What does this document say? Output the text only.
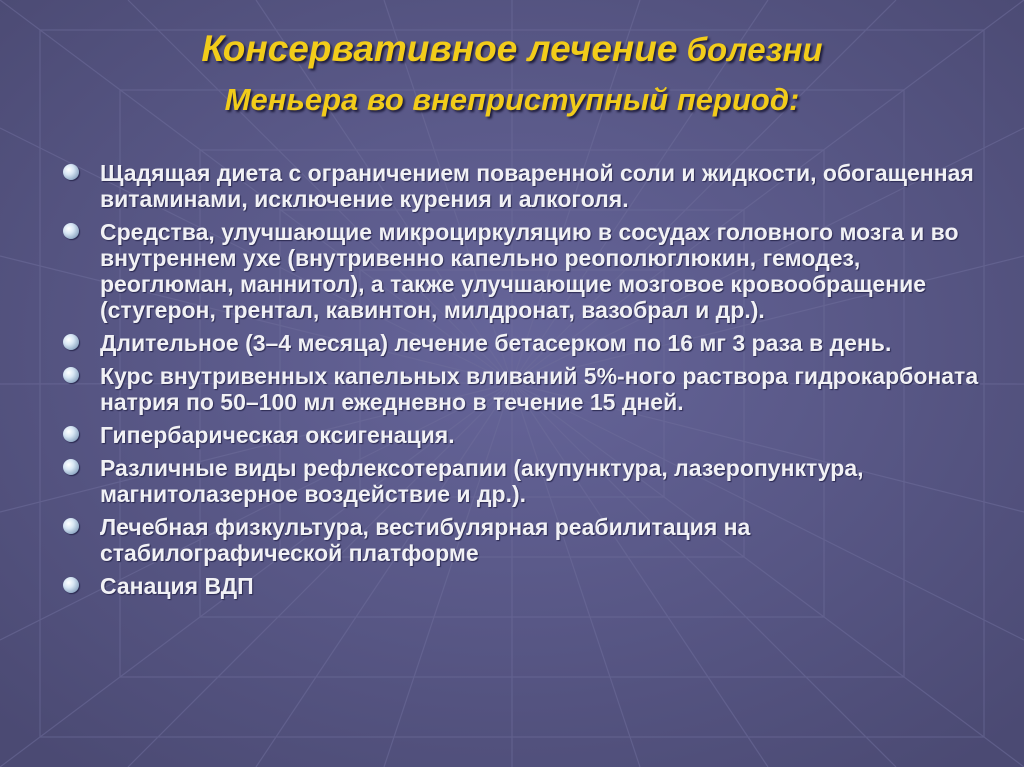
Консервативное лечение болезни
Меньера во внеприступный период:
Щадящая диета с ограничением поваренной соли и жидкости, обогащенная витаминами, исключение курения и алкоголя.
Средства, улучшающие микроциркуляцию в сосудах головного мозга и во внутреннем ухе (внутривенно капельно реополюглюкин, гемодез, реоглюман, маннитол), а также улучшающие мозговое кровообращение (стугерон, трентал, кавинтон, милдронат, вазобрал и др.).
Длительное (3–4 месяца) лечение бетасерком по 16 мг 3 раза в день.
Курс внутривенных капельных вливаний 5%-ного раствора гидрокарбоната натрия по 50–100 мл ежедневно в течение 15 дней.
Гипербарическая оксигенация.
Различные виды рефлексотерапии (акупунктура, лазеропунктура, магнитолазерное воздействие и др.).
Лечебная физкультура, вестибулярная реабилитация на стабилографической платформе
Санация ВДП
